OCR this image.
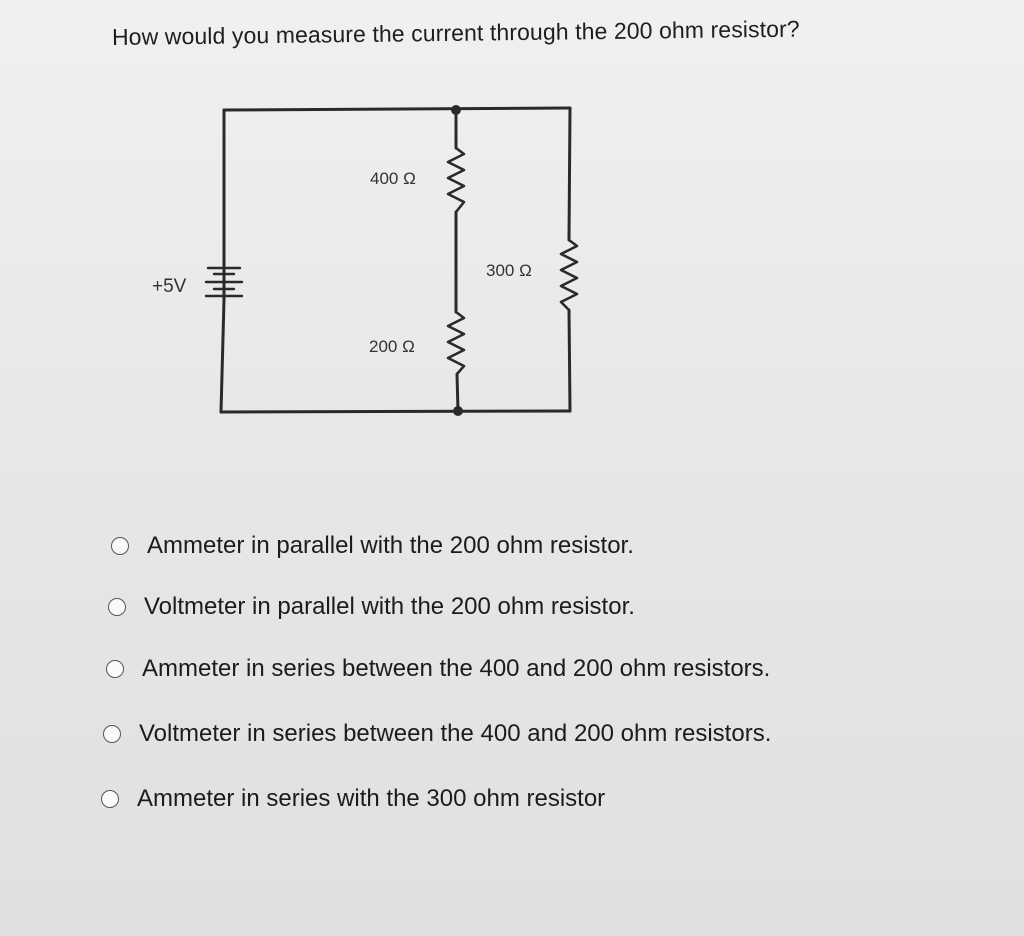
How would you measure the current through the 200 ohm resistor?
+5V
400 Ω
300 Ω
200 Ω
Ammeter in parallel with the 200 ohm resistor.
Voltmeter in parallel with the 200 ohm resistor.
Ammeter in series between the 400 and 200 ohm resistors.
Voltmeter in series between the 400 and 200 ohm resistors.
Ammeter in series with the 300 ohm resistor
